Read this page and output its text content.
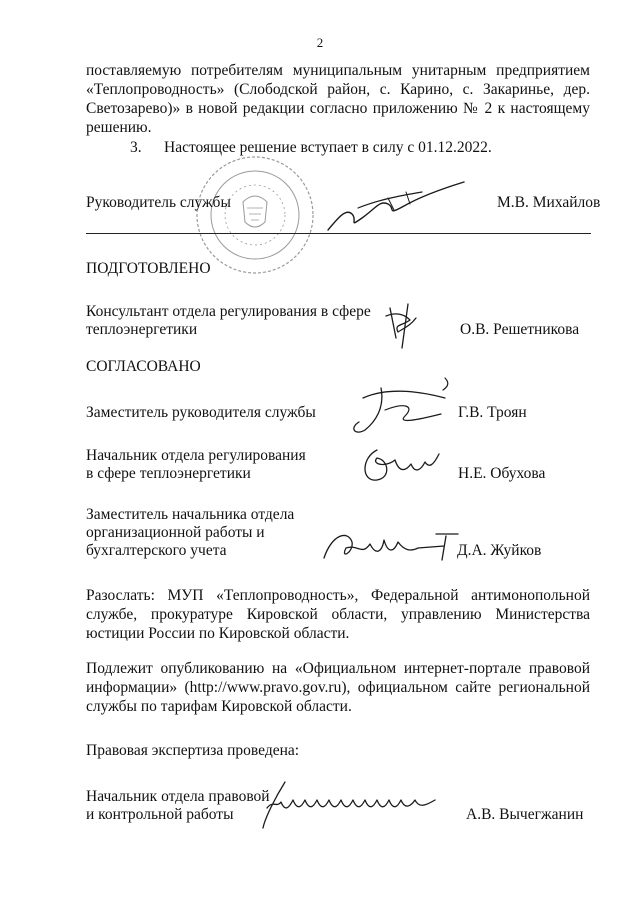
2
поставляемую потребителям муниципальным унитарным предприятием «Теплопроводность» (Слободской район, с. Карино, с. Закаринье, дер. Светозарево)» в новой редакции согласно приложению № 2 к настоящему решению.
3. Настоящее решение вступает в силу с 01.12.2022.
Руководитель службы	М.В. Михайлов
ПОДГОТОВЛЕНО
Консультант отдела регулирования в сфере
теплоэнергетики	О.В. Решетникова
СОГЛАСОВАНО
Заместитель руководителя службы	Г.В. Троян
Начальник отдела регулирования
в сфере теплоэнергетики	Н.Е. Обухова
Заместитель начальника отдела
организационной работы и
бухгалтерского учета	Д.А. Жуйков
Разослать: МУП «Теплопроводность», Федеральной антимонопольной службе, прокуратуре Кировской области, управлению Министерства юстиции России по Кировской области.
Подлежит опубликованию на «Официальном интернет-портале правовой информации» (http://www.pravo.gov.ru), официальном сайте региональной службы по тарифам Кировской области.
Правовая экспертиза проведена:
Начальник отдела правовой
и контрольной работы	А.В. Вычегжанин
